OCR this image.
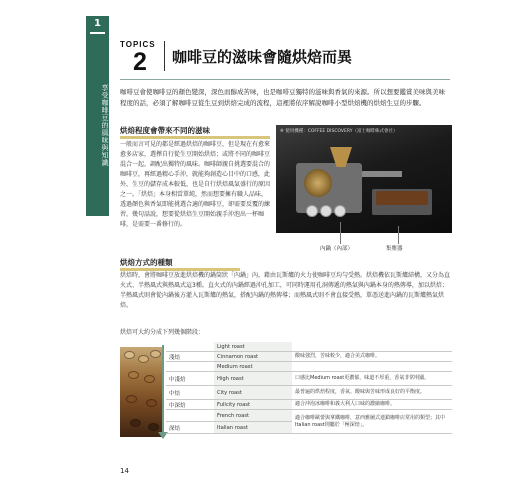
1
享受咖啡豆的風味與知識
TOPICS
2	咖啡豆的滋味會隨烘焙而異
咖啡豆會使咖啡豆的顏色變深，深色而醇成苦味，也是咖啡豆獨特的滋味與香氣的來源。所以想要鑑賞美味與美味程度的話，必須了解咖啡豆從生豆到烘焙完成的流程，這裡將依序解說咖啡小型烘焙機的烘焙生豆的步驟。
烘焙程度會帶來不同的滋味
一般而言可見的都是經過烘焙的咖啡豆，但是現在有愈來愈多店家，選擇自行從生豆開始烘焙；或將不同的咖啡豆混合一起，調配出獨特的風味。咖啡師親自挑選要混合的咖啡豆，再經過精心手沖，就能夠創造心目中的口感，此外，生豆的儲存成本較低，也是自行烘焙風氣盛行的原因之一。「烘焙」本身相當單純，然而想要擁有職人品味，透過顏色與香氣即能挑選合適的咖啡豆，卻需要反覆的練習，幾句話說，想要從烘焙生豆開始親手沖泡出一杯咖啡，是需要一番修行的。
※ 使用機種：COFFEE DISCOVERY（富士咖啡株式會社）
內鍋（內部）	集塵器
烘焙方式的種類
烘焙時，會將咖啡豆放進烘焙機的鍋筒狀「內鍋」內，藉由瓦斯爐的火力使咖啡豆均勻受熱。烘焙機依瓦斯爐結構，又分為直火式、半熱風式與熱風式這3種。直火式的內鍋經過沖孔加工，可同時運用孔洞傳遞的熱氣與內鍋本身的熱傳導，加以烘焙；半熱風式則會從內鍋後方灌入瓦斯爐的熱氣，搭配內鍋的熱傳導；而熱風式則不會直接受熱，單憑送進內鍋的瓦斯爐熱氣烘焙。
烘焙可大約分成下列幾個階段：
	Light roast	
淺焙	Cinnamon roast	酸味強烈，苦味較少，適合美式咖啡。
	Medium roast	
中淺焙	High roast	口感比Medium roast更濃郁，味道不厚重，香氣非常明顯。
中焙	City roast	最普遍的烘焙程度，香氣、酸味與苦味形成良好的平衡度。
中深焙	Fullcity roast	適合沖泡冰咖啡和義大利人口味的濃縮咖啡。
	French roast	適合咖啡歐蕾與拿鐵咖啡，意西雅圖式連鎖咖啡店常用的類型；其中Italian roast則屬於「極深焙」。
深焙	Italian roast	
14
